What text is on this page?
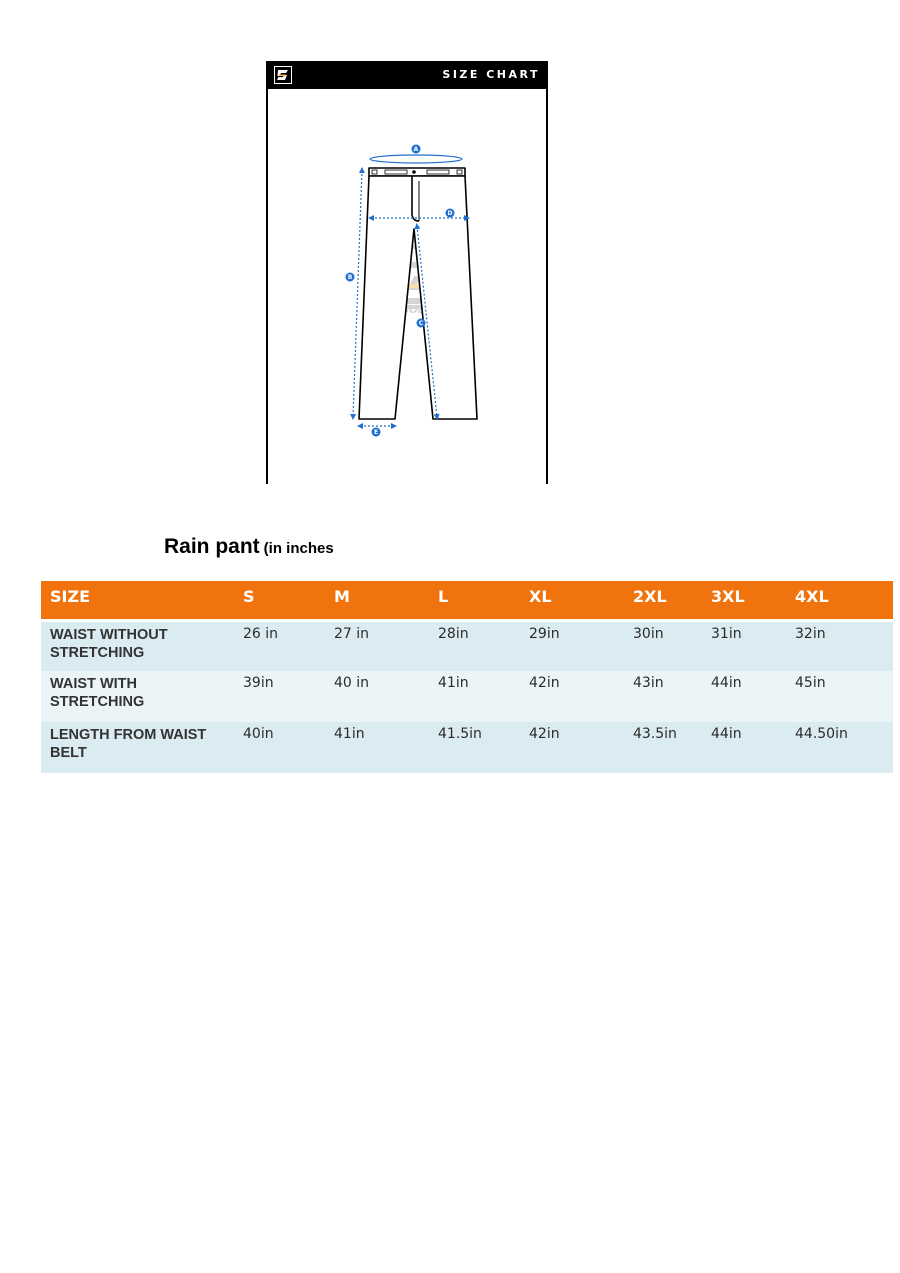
SIZE CHART
A
B
C
D
E
Rain pant (in inches
SIZE	S	M	L	XL	2XL	3XL	4XL
WAIST WITHOUT STRETCHING	26 in	27 in	28in	29in	30in	31in	32in
WAIST WITH STRETCHING	39in	40 in	41in	42in	43in	44in	45in
LENGTH FROM WAIST BELT	40in	41in	41.5in	42in	43.5in	44in	44.50in
